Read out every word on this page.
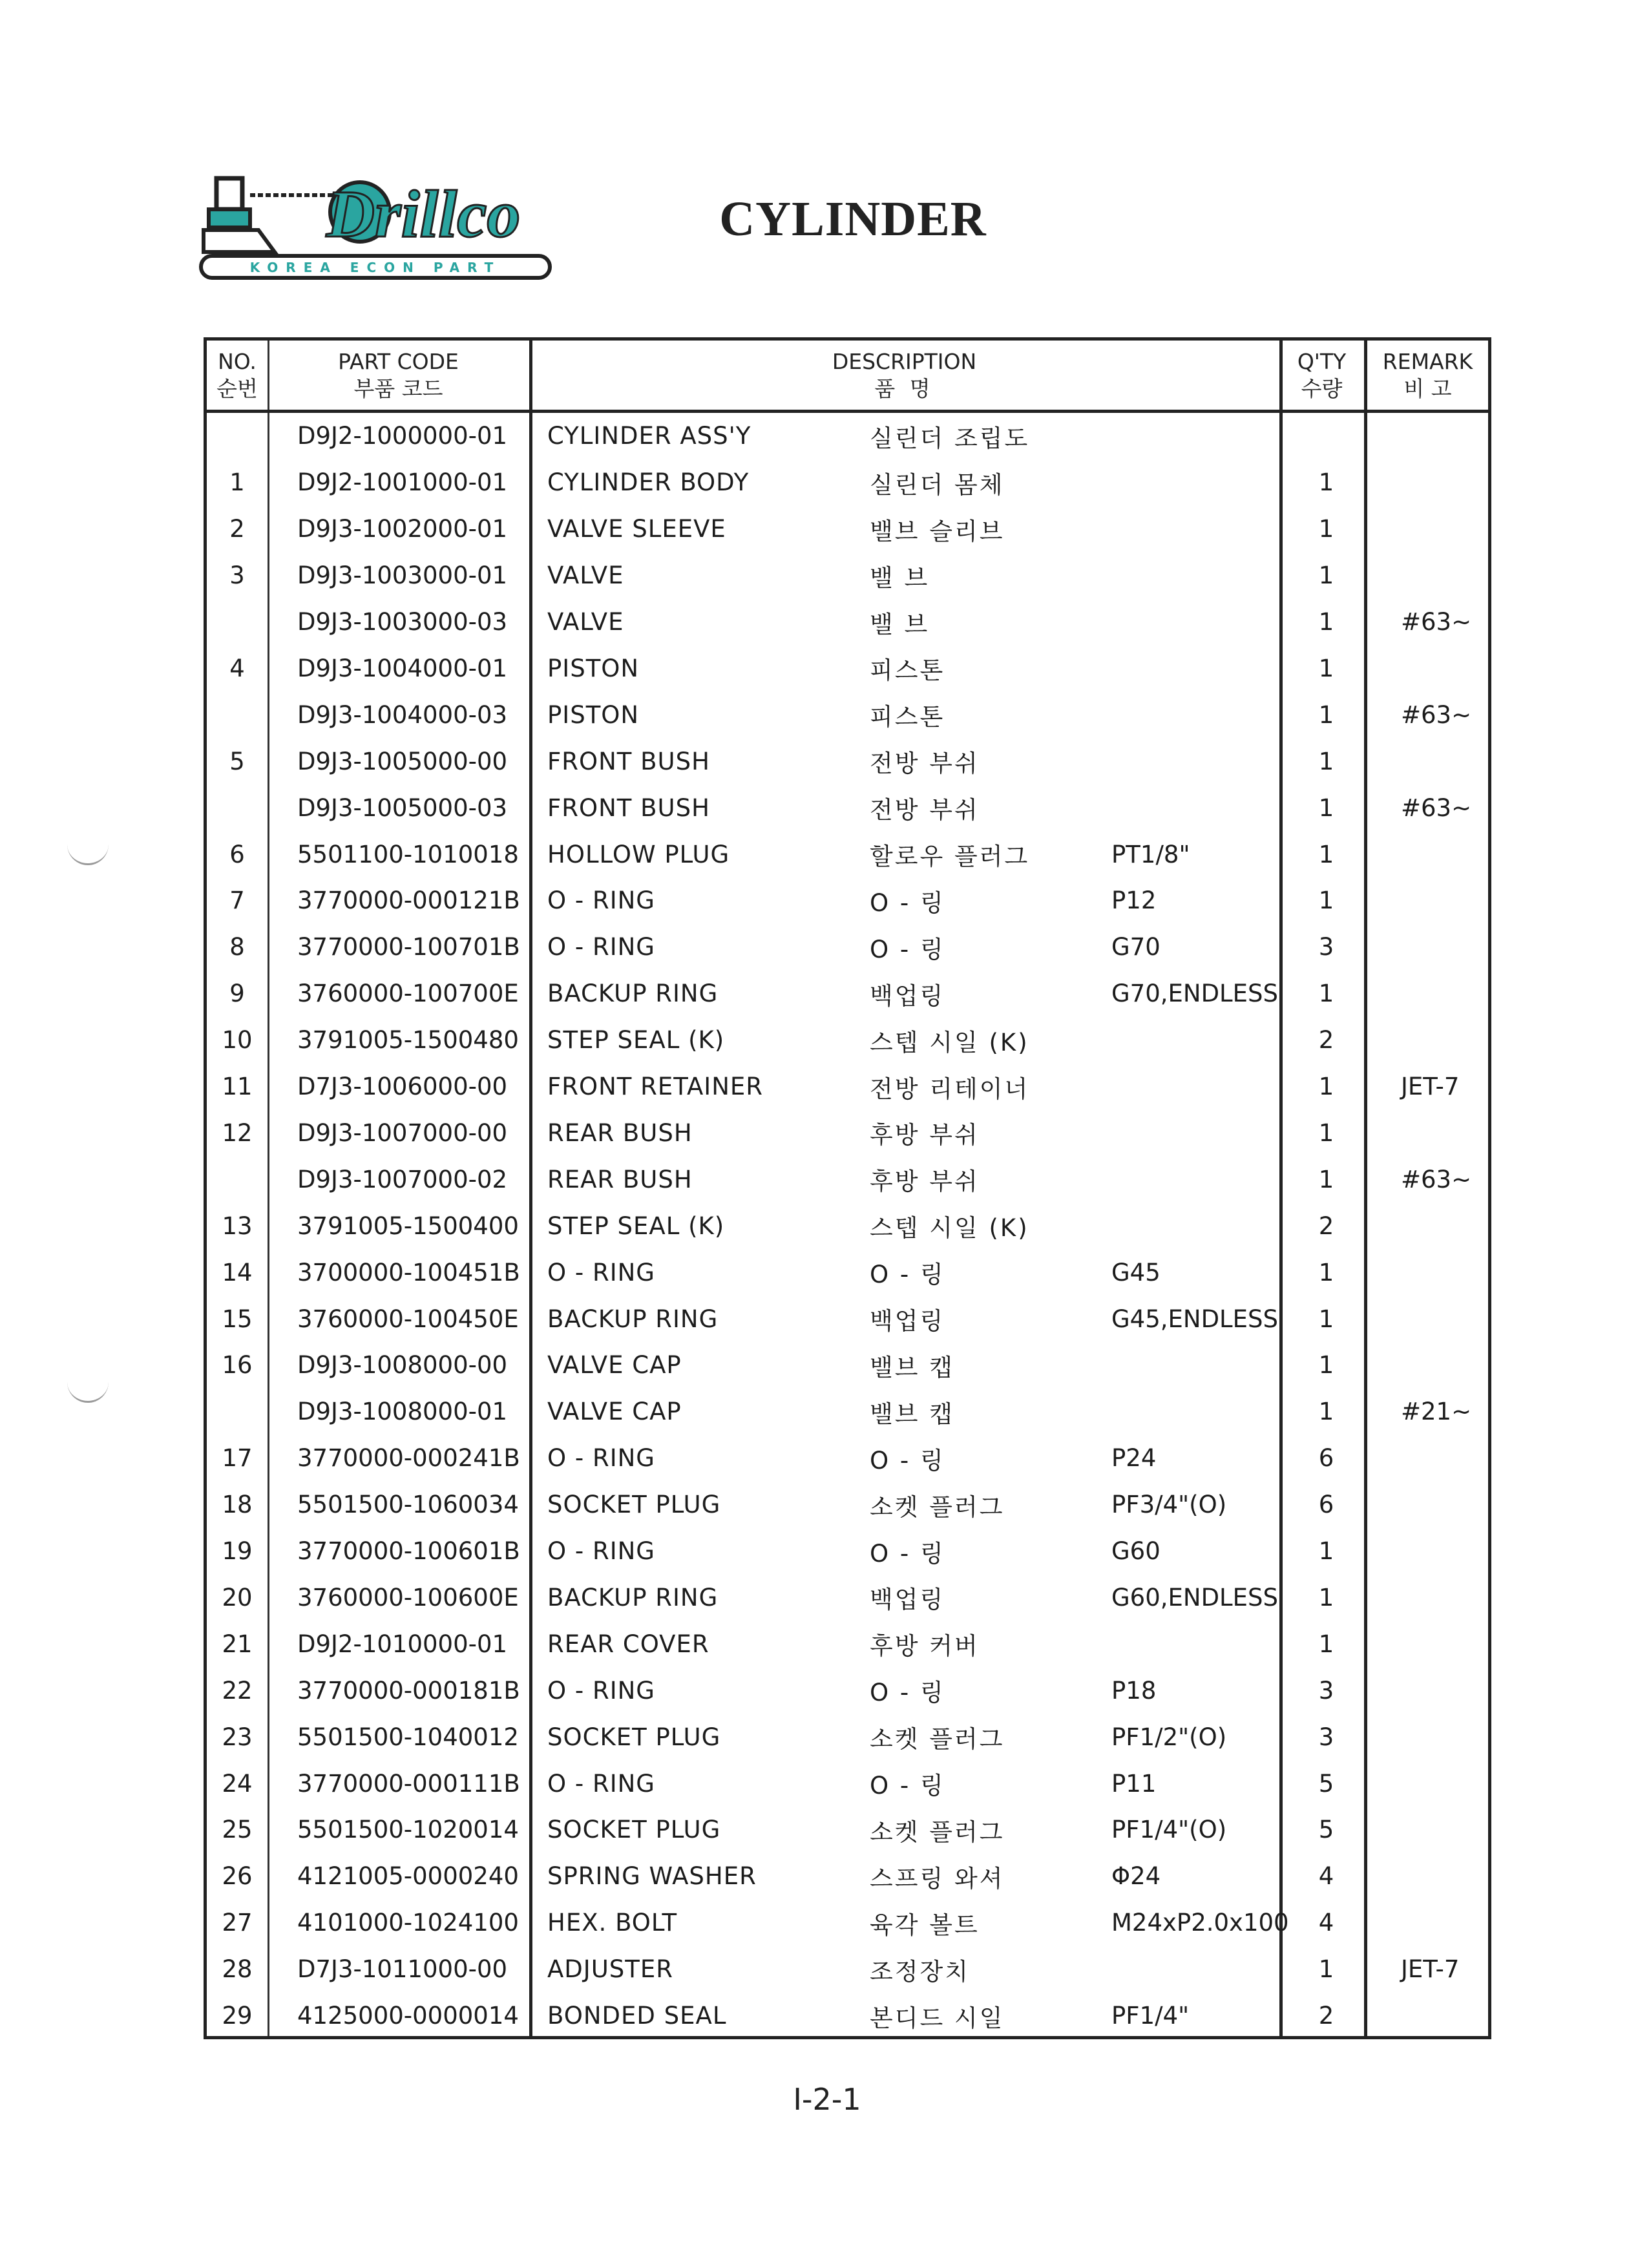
Drillco
KOREA ECON PART
CYLINDER
NO.
순번
PART CODE
부품 코드
DESCRIPTION
품 명
Q'TY
수량
REMARK
비 고
D9J2-1000000-01	CYLINDER ASS'Y	실린더 조립도
1	D9J2-1001000-01	CYLINDER BODY	실린더 몸체	1
2	D9J3-1002000-01	VALVE SLEEVE	밸브 슬리브	1
3	D9J3-1003000-01	VALVE	밸 브	1
D9J3-1003000-03	VALVE	밸 브	1	#63~
4	D9J3-1004000-01	PISTON	피스톤	1
D9J3-1004000-03	PISTON	피스톤	1	#63~
5	D9J3-1005000-00	FRONT BUSH	전방 부쉬	1
D9J3-1005000-03	FRONT BUSH	전방 부쉬	1	#63~
6	5501100-1010018 HOLLOW PLUG	할로우 플러그	PT1/8"	1
7	3770000-000121B O - RING	O - 링	P12	1
8	3770000-100701B O - RING	O - 링	G70	3
9	3760000-100700E BACKUP RING	백업링	G70,ENDLESS	1
10	3791005-1500480 STEP SEAL (K)	스텝 시일 (K)	2
11	D7J3-1006000-00	FRONT RETAINER	전방 리테이너	1	JET-7
12	D9J3-1007000-00	REAR BUSH	후방 부쉬	1
D9J3-1007000-02	REAR BUSH	후방 부쉬	1	#63~
13	3791005-1500400 STEP SEAL (K)	스텝 시일 (K)	2
14	3700000-100451B O - RING	O - 링	G45	1
15	3760000-100450E BACKUP RING	백업링	G45,ENDLESS	1
16	D9J3-1008000-00	VALVE CAP	밸브 캡	1
D9J3-1008000-01	VALVE CAP	밸브 캡	1	#21~
17	3770000-000241B O - RING	O - 링	P24	6
18	5501500-1060034 SOCKET PLUG	소켓 플러그	PF3/4"(O)	6
19	3770000-100601B O - RING	O - 링	G60	1
20	3760000-100600E BACKUP RING	백업링	G60,ENDLESS	1
21	D9J2-1010000-01	REAR COVER	후방 커버	1
22	3770000-000181B O - RING	O - 링	P18	3
23	5501500-1040012 SOCKET PLUG	소켓 플러그	PF1/2"(O)	3
24	3770000-000111B O - RING	O - 링	P11	5
25	5501500-1020014 SOCKET PLUG	소켓 플러그	PF1/4"(O)	5
26	4121005-0000240 SPRING WASHER	스프링 와셔	Φ24	4
27	4101000-1024100 HEX. BOLT	육각 볼트	M24xP2.0x100	4
28	D7J3-1011000-00	ADJUSTER	조정장치	1	JET-7
29	4125000-0000014 BONDED SEAL	본디드 시일	PF1/4"	2
I-2-1
